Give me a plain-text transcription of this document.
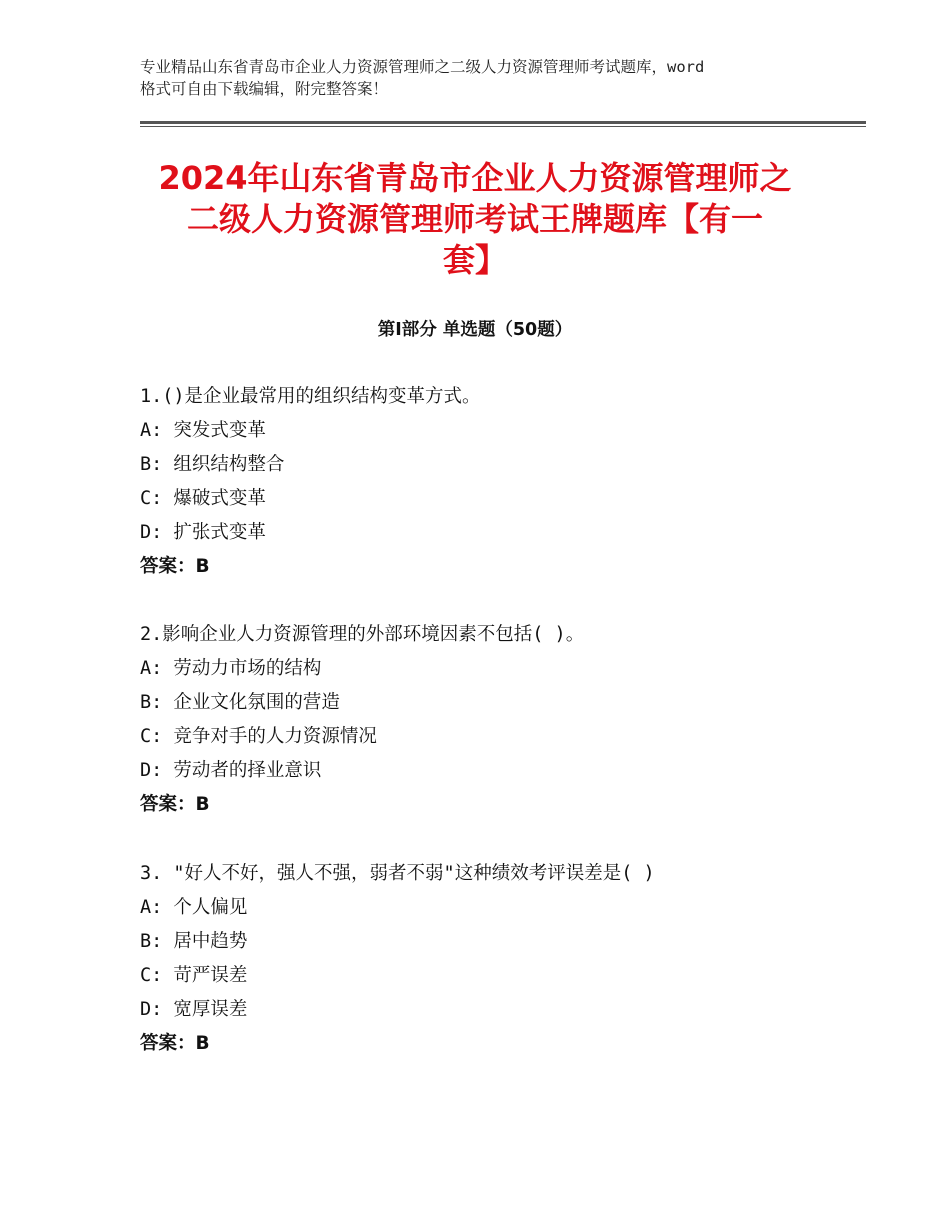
专业精品山东省青岛市企业人力资源管理师之二级人力资源管理师考试题库，word
格式可自由下载编辑，附完整答案！
2024年山东省青岛市企业人力资源管理师之
二级人力资源管理师考试王牌题库【有一
套】
第Ⅰ部分 单选题（50题）
1.()是企业最常用的组织结构变革方式。
A: 突发式变革
B: 组织结构整合
C: 爆破式变革
D: 扩张式变革
答案：B
2.影响企业人力资源管理的外部环境因素不包括( )。
A: 劳动力市场的结构
B: 企业文化氛围的营造
C: 竞争对手的人力资源情况
D: 劳动者的择业意识
答案：B
3. "好人不好，强人不强，弱者不弱"这种绩效考评误差是( )
A: 个人偏见
B: 居中趋势
C: 苛严误差
D: 宽厚误差
答案：B
